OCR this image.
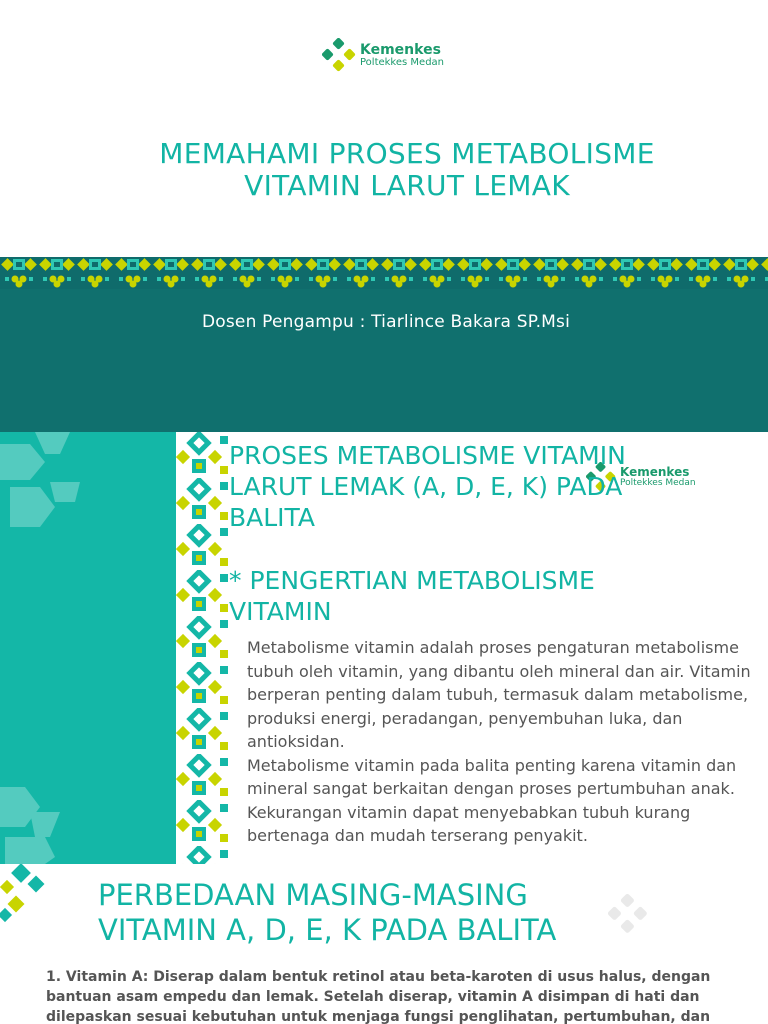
Kemenkes
Poltekkes Medan
MEMAHAMI PROSES METABOLISME
VITAMIN LARUT LEMAK
Dosen Pengampu : Tiarlince Bakara SP.Msi
Kemenkes
Poltekkes Medan
PROSES METABOLISME VITAMIN
LARUT LEMAK (A, D, E, K) PADA
BALITA
* PENGERTIAN METABOLISME
VITAMIN

Metabolisme vitamin adalah proses pengaturan metabolisme tubuh oleh vitamin, yang dibantu oleh mineral dan air. Vitamin berperan penting dalam tubuh, termasuk dalam metabolisme, produksi energi, peradangan, penyembuhan luka, dan antioksidan.

Metabolisme vitamin pada balita penting karena vitamin dan mineral sangat berkaitan dengan proses pertumbuhan anak. Kekurangan vitamin dapat menyebabkan tubuh kurang bertenaga dan mudah terserang penyakit.

PERBEDAAN MASING-MASING
VITAMIN A, D, E, K PADA BALITA
1. Vitamin A: Diserap dalam bentuk retinol atau beta-karoten di usus halus, dengan bantuan asam empedu dan lemak. Setelah diserap, vitamin A disimpan di hati dan dilepaskan sesuai kebutuhan untuk menjaga fungsi penglihatan, pertumbuhan, dan
